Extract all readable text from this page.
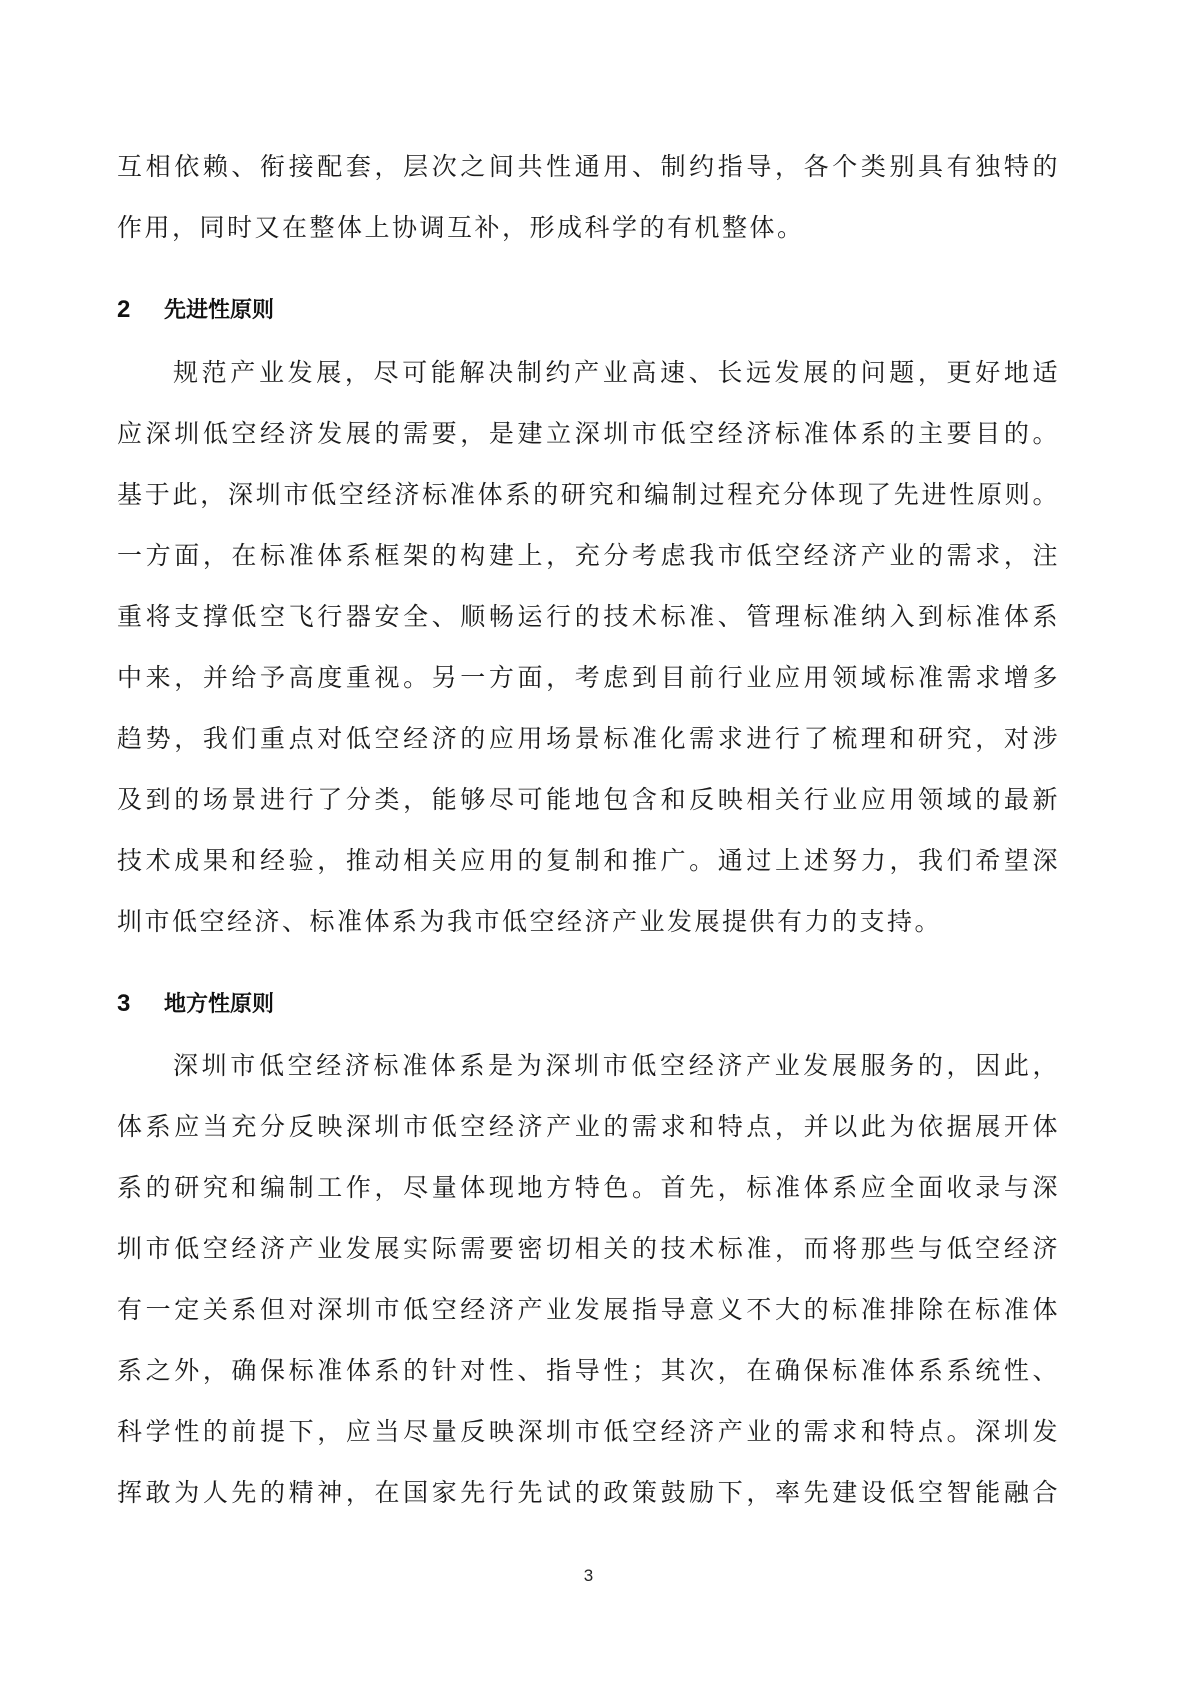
互相依赖、衔接配套，层次之间共性通用、制约指导，各个类别具有独特的
作用，同时又在整体上协调互补，形成科学的有机整体。
2 先进性原则
规范产业发展，尽可能解决制约产业高速、长远发展的问题，更好地适
应深圳低空经济发展的需要，是建立深圳市低空经济标准体系的主要目的。
基于此，深圳市低空经济标准体系的研究和编制过程充分体现了先进性原则。
一方面，在标准体系框架的构建上，充分考虑我市低空经济产业的需求，注
重将支撑低空飞行器安全、顺畅运行的技术标准、管理标准纳入到标准体系
中来，并给予高度重视。另一方面，考虑到目前行业应用领域标准需求增多
趋势，我们重点对低空经济的应用场景标准化需求进行了梳理和研究，对涉
及到的场景进行了分类，能够尽可能地包含和反映相关行业应用领域的最新
技术成果和经验，推动相关应用的复制和推广。通过上述努力，我们希望深
圳市低空经济、标准体系为我市低空经济产业发展提供有力的支持。
3 地方性原则
深圳市低空经济标准体系是为深圳市低空经济产业发展服务的，因此，
体系应当充分反映深圳市低空经济产业的需求和特点，并以此为依据展开体
系的研究和编制工作，尽量体现地方特色。首先，标准体系应全面收录与深
圳市低空经济产业发展实际需要密切相关的技术标准，而将那些与低空经济
有一定关系但对深圳市低空经济产业发展指导意义不大的标准排除在标准体
系之外，确保标准体系的针对性、指导性；其次，在确保标准体系系统性、
科学性的前提下，应当尽量反映深圳市低空经济产业的需求和特点。深圳发
挥敢为人先的精神，在国家先行先试的政策鼓励下，率先建设低空智能融合
3
